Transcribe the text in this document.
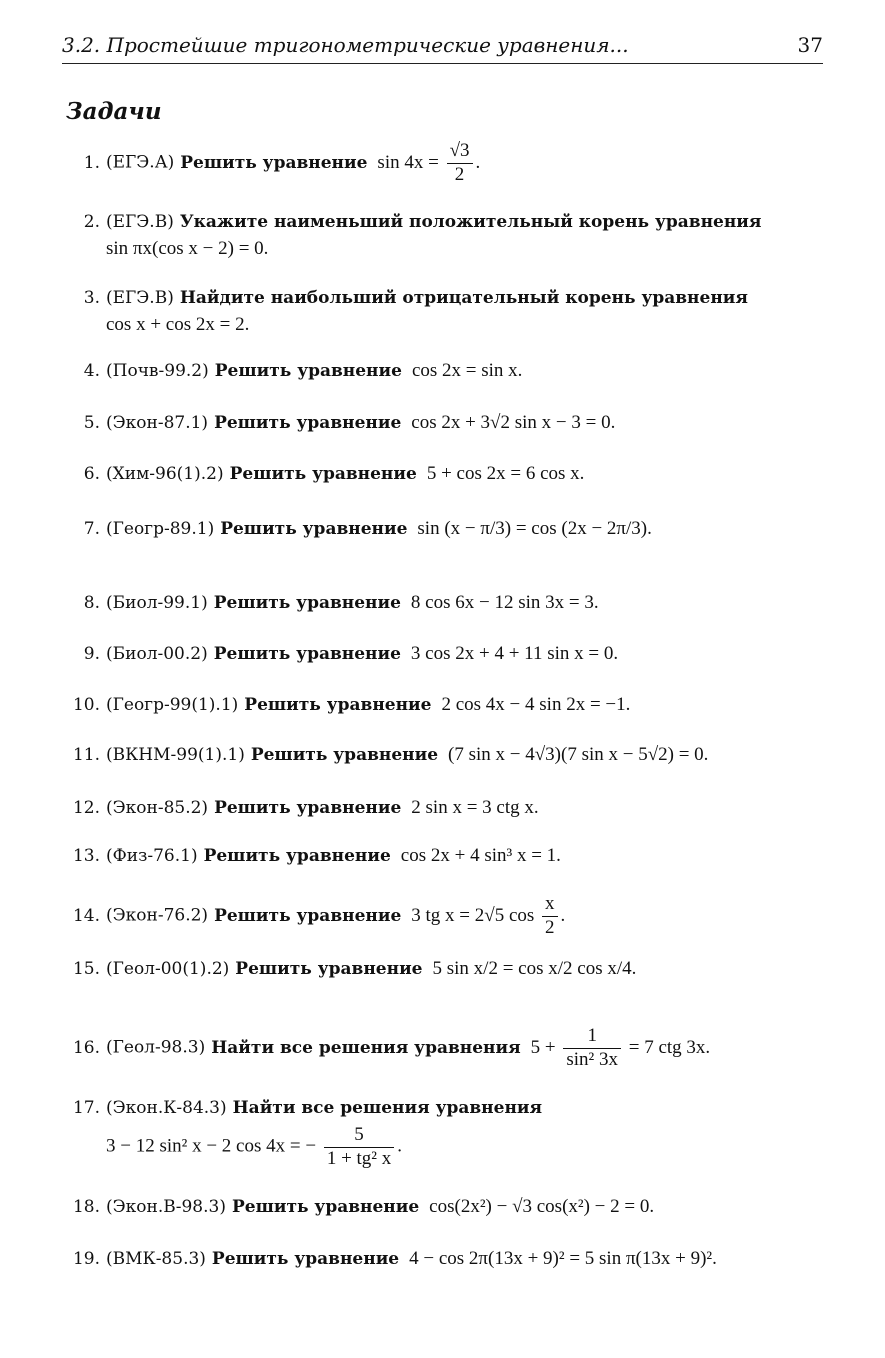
3.2. Простейшие тригонометрические уравнения...	37
Задачи
1. (ЕГЭ.А) Решить уравнение $\sin 4x = \frac{√3}{2}$ .
2. (ЕГЭ.В) Укажите наименьший положительный корень уравнения
sin πx(cos x − 2) = 0.
3. (ЕГЭ.В) Найдите наибольший отрицательный корень уравнения
cos x + cos 2x = 2.
4. (Почв-99.2) Решить уравнение cos 2x = sin x.
5. (Экон-87.1) Решить уравнение cos 2x + 3√2 sin x − 3 = 0.
6. (Хим-96(1).2) Решить уравнение 5 + cos 2x = 6 cos x.
7. (Геогр-89.1) Решить уравнение sin (x − π/3) = cos (2x − 2π/3).
8. (Биол-99.1) Решить уравнение 8 cos 6x − 12 sin 3x = 3.
9. (Биол-00.2) Решить уравнение 3 cos 2x + 4 + 11 sin x = 0.
10. (Геогр-99(1).1) Решить уравнение 2 cos 4x − 4 sin 2x = −1.
11. (ВКНМ-99(1).1) Решить уравнение (7 sin x − 4√3)(7 sin x − 5√2) = 0.
12. (Экон-85.2) Решить уравнение 2 sin x = 3 ctg x.
13. (Физ-76.1) Решить уравнение cos 2x + 4 sin³ x = 1.
14. (Экон-76.2) Решить уравнение 3 tg x = 2√5 $\cos \frac{x}{2}$ .
15. (Геол-00(1).2) Решить уравнение 5 sin x/2 = cos x/2 cos x/4.
16. (Геол-98.3) Найти все решения уравнения $5 + \frac{1}{\text{sin² 3x}} = 7$ ctg 3x.
17. (Экон.К-84.3) Найти все решения уравнения
3 − 12 sin² x − 2 cos 4x = − $\frac{5}{\text{1 + tg² x}}$ .
18. (Экон.В-98.3) Решить уравнение cos(2x²) − √3 cos(x²) − 2 = 0.
19. (ВМК-85.3) Решить уравнение 4 − cos 2π(13x + 9)² = 5 sin π(13x + 9)².
